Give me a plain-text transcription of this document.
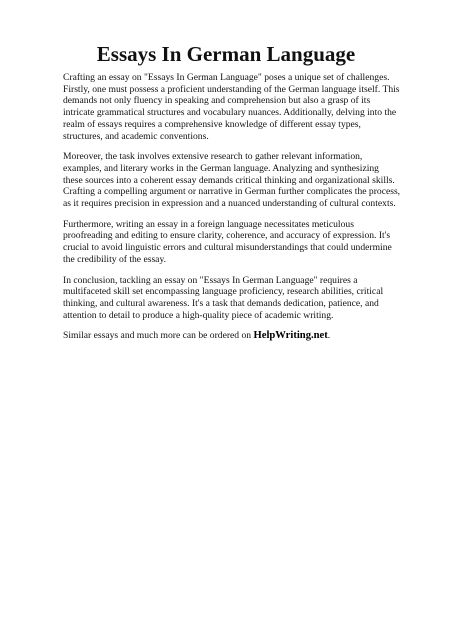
Essays In German Language

Crafting an essay on "Essays In German Language" poses a unique set of challenges. Firstly, one must possess a proficient understanding of the German language itself. This demands not only fluency in speaking and comprehension but also a grasp of its intricate grammatical structures and vocabulary nuances. Additionally, delving into the realm of essays requires a comprehensive knowledge of different essay types, structures, and academic conventions.

Moreover, the task involves extensive research to gather relevant information, examples, and literary works in the German language. Analyzing and synthesizing these sources into a coherent essay demands critical thinking and organizational skills. Crafting a compelling argument or narrative in German further complicates the process, as it requires precision in expression and a nuanced understanding of cultural contexts.

Furthermore, writing an essay in a foreign language necessitates meticulous proofreading and editing to ensure clarity, coherence, and accuracy of expression. It's crucial to avoid linguistic errors and cultural misunderstandings that could undermine the credibility of the essay.

In conclusion, tackling an essay on "Essays In German Language" requires a multifaceted skill set encompassing language proficiency, research abilities, critical thinking, and cultural awareness. It's a task that demands dedication, patience, and attention to detail to produce a high-quality piece of academic writing.

Similar essays and much more can be ordered on HelpWriting.net.
